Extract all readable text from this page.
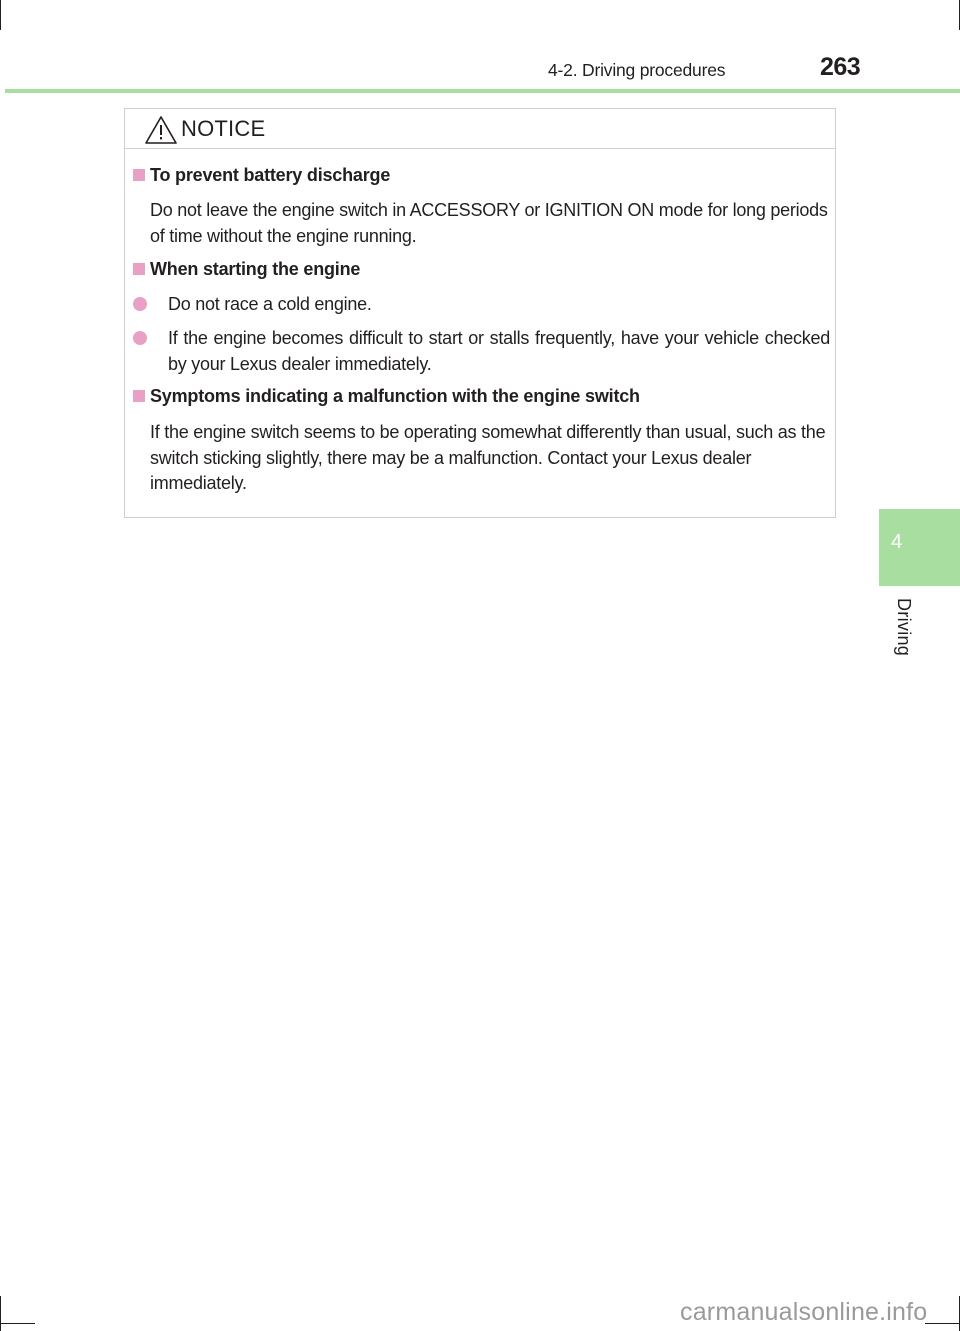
4-2. Driving procedures	263
4
Driving
NOTICE
To prevent battery discharge
Do not leave the engine switch in ACCESSORY or IGNITION ON mode for long periods of time without the engine running.
When starting the engine
Do not race a cold engine.
If the engine becomes difficult to start or stalls frequently, have your vehicle checked by your Lexus dealer immediately.
Symptoms indicating a malfunction with the engine switch
If the engine switch seems to be operating somewhat differently than usual, such as the switch sticking slightly, there may be a malfunction. Contact your Lexus dealer immediately.
carmanualsonline.info
